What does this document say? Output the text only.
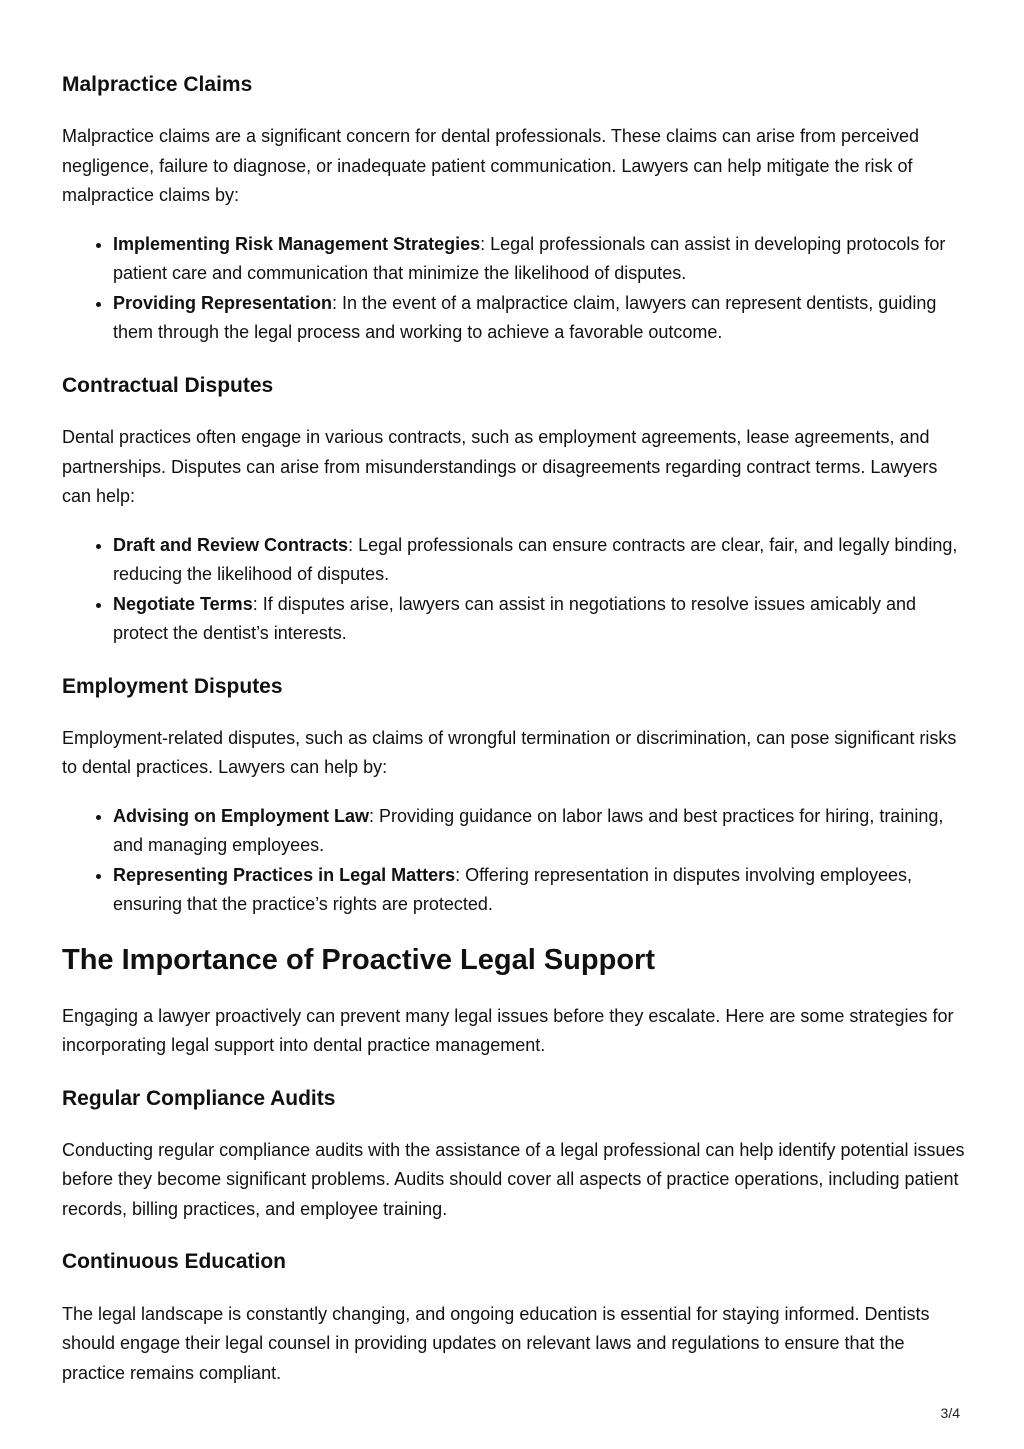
Malpractice Claims

Malpractice claims are a significant concern for dental professionals. These claims can arise from perceived negligence, failure to diagnose, or inadequate patient communication. Lawyers can help mitigate the risk of malpractice claims by:

• Implementing Risk Management Strategies: Legal professionals can assist in developing protocols for patient care and communication that minimize the likelihood of disputes.
• Providing Representation: In the event of a malpractice claim, lawyers can represent dentists, guiding them through the legal process and working to achieve a favorable outcome.
Contractual Disputes

Dental practices often engage in various contracts, such as employment agreements, lease agreements, and partnerships. Disputes can arise from misunderstandings or disagreements regarding contract terms. Lawyers can help:

• Draft and Review Contracts: Legal professionals can ensure contracts are clear, fair, and legally binding, reducing the likelihood of disputes.
• Negotiate Terms: If disputes arise, lawyers can assist in negotiations to resolve issues amicably and protect the dentist’s interests.
Employment Disputes

Employment-related disputes, such as claims of wrongful termination or discrimination, can pose significant risks to dental practices. Lawyers can help by:

• Advising on Employment Law: Providing guidance on labor laws and best practices for hiring, training, and managing employees.
• Representing Practices in Legal Matters: Offering representation in disputes involving employees, ensuring that the practice’s rights are protected.
The Importance of Proactive Legal Support

Engaging a lawyer proactively can prevent many legal issues before they escalate. Here are some strategies for incorporating legal support into dental practice management.

Regular Compliance Audits

Conducting regular compliance audits with the assistance of a legal professional can help identify potential issues before they become significant problems. Audits should cover all aspects of practice operations, including patient records, billing practices, and employee training.

Continuous Education

The legal landscape is constantly changing, and ongoing education is essential for staying informed. Dentists should engage their legal counsel in providing updates on relevant laws and regulations to ensure that the practice remains compliant.

3/4
